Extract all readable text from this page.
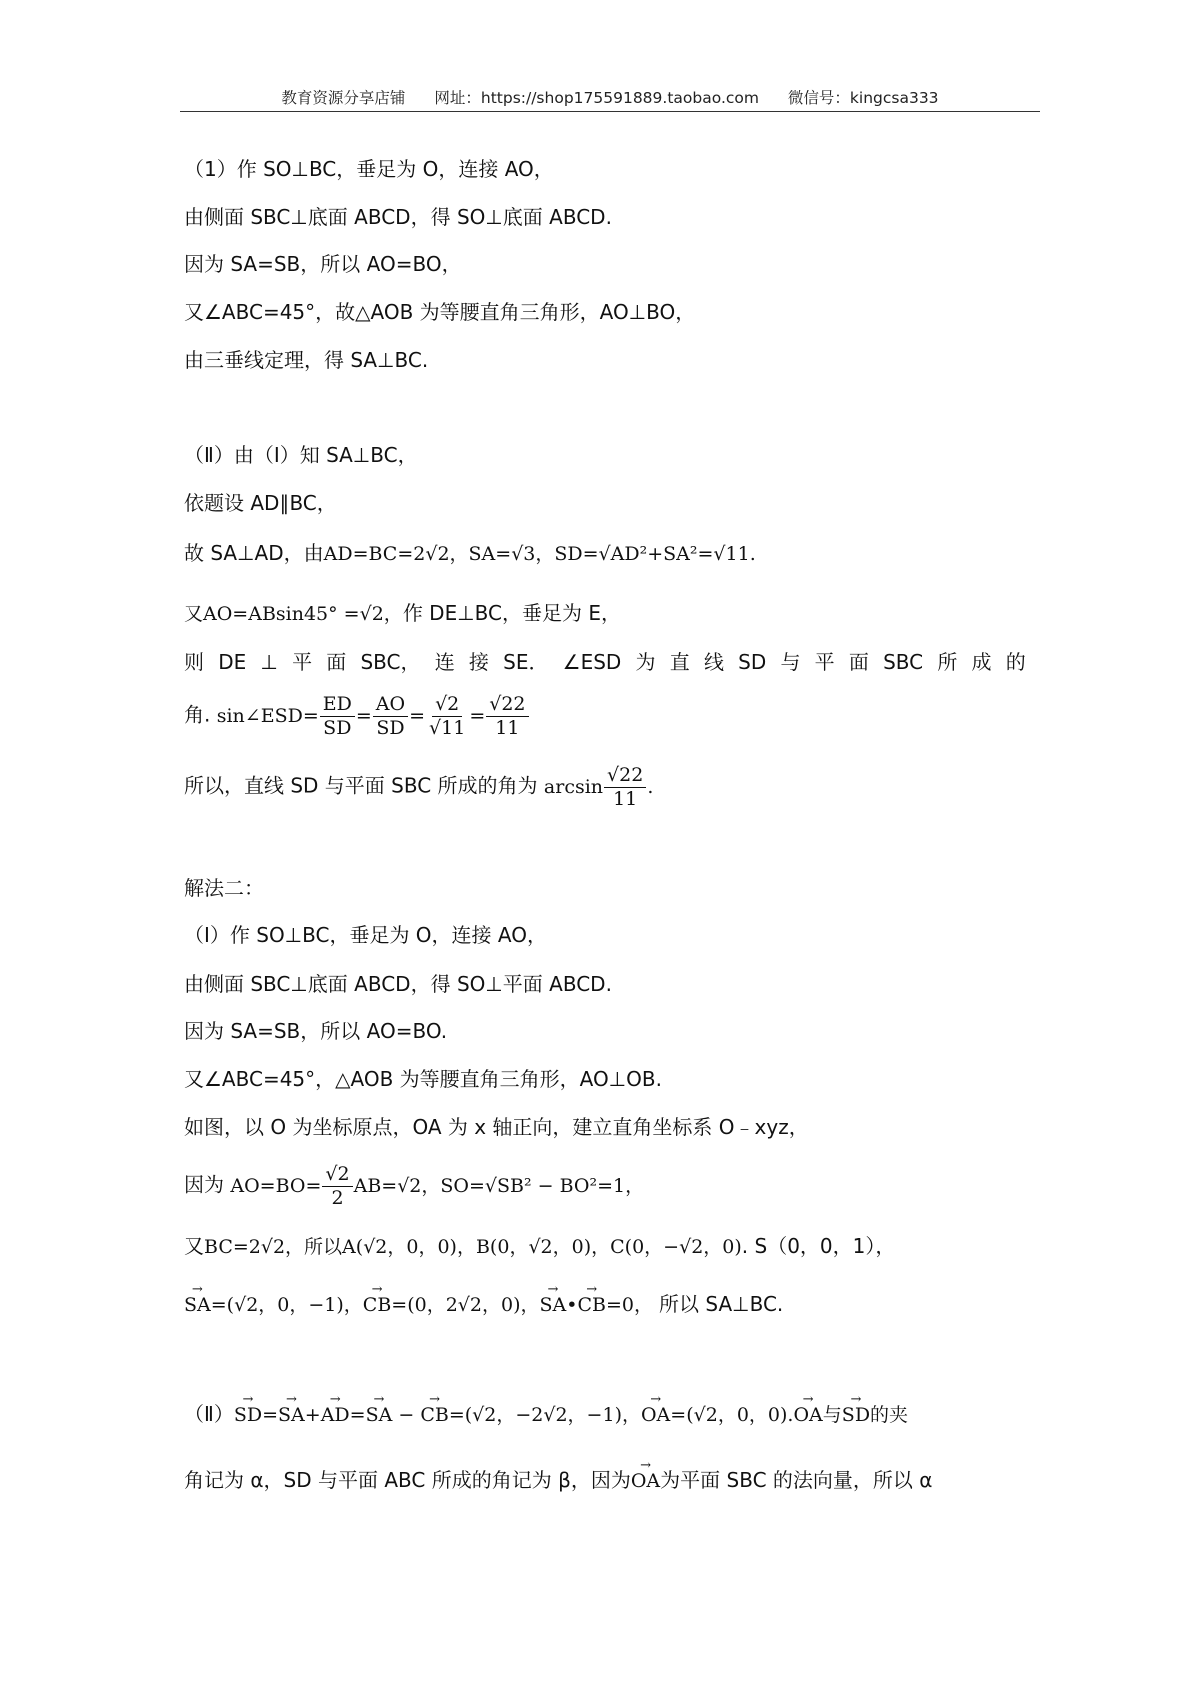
教育资源分享店铺 网址：https://shop175591889.taobao.com 微信号：kingcsa333
（1）作 SO⊥BC，垂足为 O，连接 AO，
由侧面 SBC⊥底面 ABCD，得 SO⊥底面 ABCD.
因为 SA=SB，所以 AO=BO，
又∠ABC=45°，故△AOB 为等腰直角三角形，AO⊥BO，
由三垂线定理，得 SA⊥BC.
（Ⅱ）由（Ⅰ）知 SA⊥BC，
依题设 AD∥BC，
故 SA⊥AD，由AD=BC=2√2，SA=√3，SD=√AD²+SA²=√11.
又AO=ABsin45° =√2，作 DE⊥BC，垂足为 E，
则 DE ⊥ 平 面 SBC， 连 接 SE． ∠ESD 为 直 线 SD 与 平 面 SBC 所 成 的
角. sin∠ESD= $\frac{ED}{SD} = \frac{AO}{SD} = \frac{√2}{√11} = \frac{√22}{11}$
所以，直线 SD 与平面 SBC 所成的角为 $\arcsin \frac{√22}{11}$ .
解法二：
（Ⅰ）作 SO⊥BC，垂足为 O，连接 AO，
由侧面 SBC⊥底面 ABCD，得 SO⊥平面 ABCD.
因为 SA=SB，所以 AO=BO.
又∠ABC=45°，△AOB 为等腰直角三角形，AO⊥OB.
如图，以 O 为坐标原点，OA 为 x 轴正向，建立直角坐标系 O﹣xyz，
因为 $AO=BO= \frac{√2}{2} AB=√2$，SO=√SB² − BO²=1，
又BC=2√2，所以A(√2，0，0)，B(0，√2，0)，C(0，−√2，0). S（0，0，1），
→ SA=(√2，0，−1)，→ CB=(0，2√2，0)，→ SA•→ CB=0， 所以 SA⊥BC.
（Ⅱ）→ SD=→ SA+→ AD=→ SA − → CB=(√2，−2√2，−1)，→ OA=(√2，0，0).→ OA与→ SD的夹
角记为 α，SD 与平面 ABC 所成的角记为 β，因为→ OA为平面 SBC 的法向量，所以 α
